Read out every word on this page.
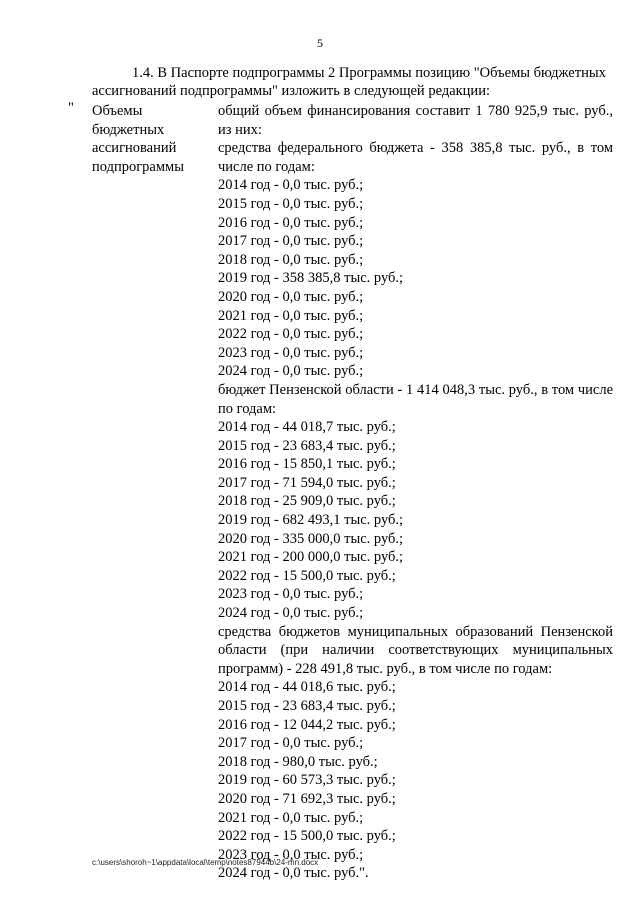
5
1.4. В Паспорте подпрограммы 2 Программы позицию "Объемы бюджетных
ассигнований подпрограммы" изложить в следующей редакции:
" Объемы
бюджетных
ассигнований
подпрограммы
общий объем финансирования составит 1 780 925,9 тыс. руб., из них:
средства федерального бюджета - 358 385,8 тыс. руб., в том числе по годам:
2014 год - 0,0 тыс. руб.;
2015 год - 0,0 тыс. руб.;
2016 год - 0,0 тыс. руб.;
2017 год - 0,0 тыс. руб.;
2018 год - 0,0 тыс. руб.;
2019 год - 358 385,8 тыс. руб.;
2020 год - 0,0 тыс. руб.;
2021 год - 0,0 тыс. руб.;
2022 год - 0,0 тыс. руб.;
2023 год - 0,0 тыс. руб.;
2024 год - 0,0 тыс. руб.;
бюджет Пензенской области - 1 414 048,3 тыс. руб., в том числе по годам:
2014 год - 44 018,7 тыс. руб.;
2015 год - 23 683,4 тыс. руб.;
2016 год - 15 850,1 тыс. руб.;
2017 год - 71 594,0 тыс. руб.;
2018 год - 25 909,0 тыс. руб.;
2019 год - 682 493,1 тыс. руб.;
2020 год - 335 000,0 тыс. руб.;
2021 год - 200 000,0 тыс. руб.;
2022 год - 15 500,0 тыс. руб.;
2023 год - 0,0 тыс. руб.;
2024 год - 0,0 тыс. руб.;
средства бюджетов муниципальных образований Пензенской области (при наличии соответствующих муниципальных программ) - 228 491,8 тыс. руб., в том числе по годам:
2014 год - 44 018,6 тыс. руб.;
2015 год - 23 683,4 тыс. руб.;
2016 год - 12 044,2 тыс. руб.;
2017 год - 0,0 тыс. руб.;
2018 год - 980,0 тыс. руб.;
2019 год - 60 573,3 тыс. руб.;
2020 год - 71 692,3 тыс. руб.;
2021 год - 0,0 тыс. руб.;
2022 год - 15 500,0 тыс. руб.;
2023 год - 0,0 тыс. руб.;
2024 год - 0,0 тыс. руб.".
c:\users\shoroh~1\appdata\local\temp\notes87944b\24-mn.docx
